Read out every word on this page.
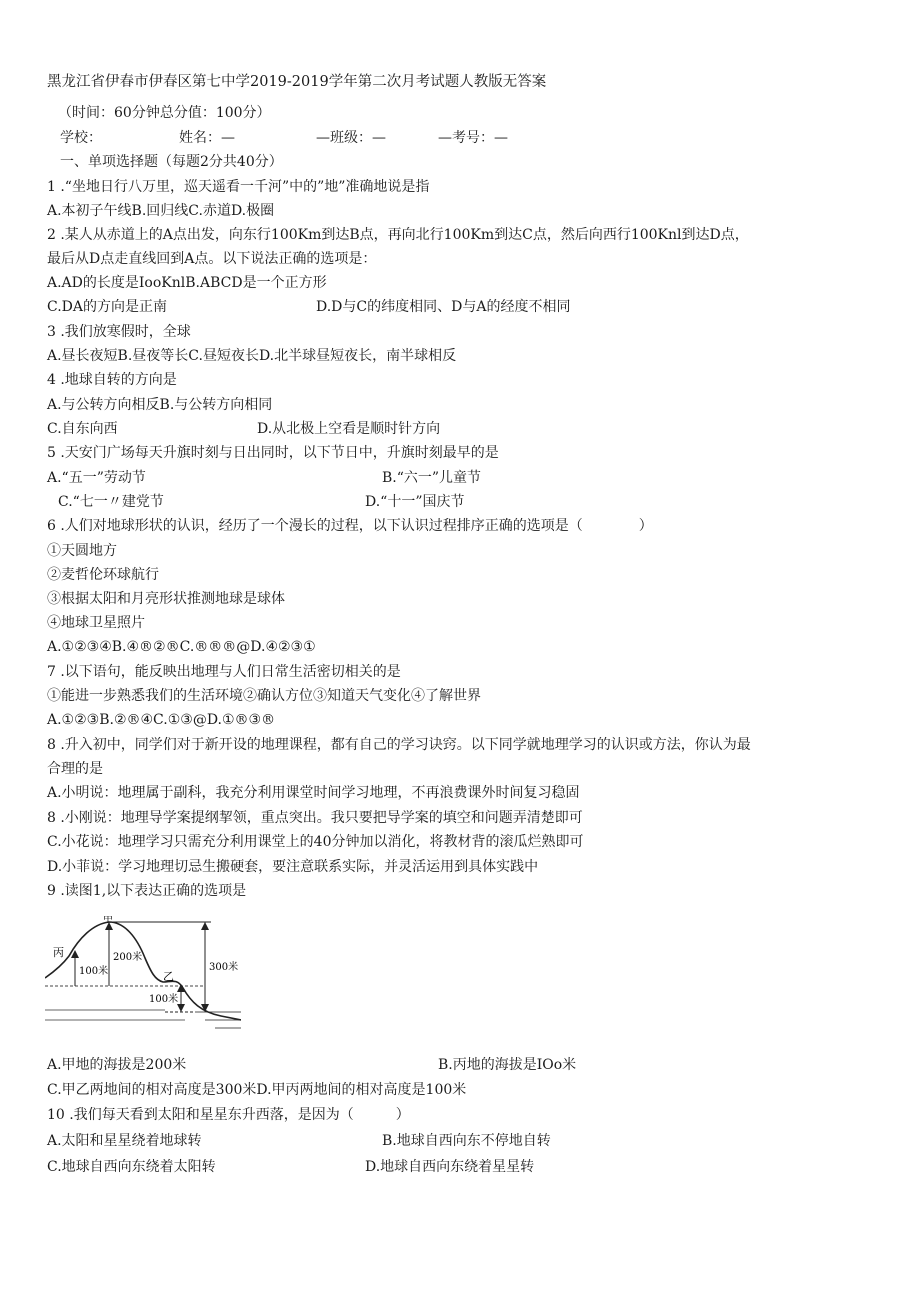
黑龙江省伊春市伊春区第七中学2019-2019学年第二次月考试题人教版无答案
（时间：60分钟总分值：100分）
学校：	姓名：—	—班级：—	—考号：—
一、单项选择题（每题2分共40分）
1 .“坐地日行八万里，巡天遥看一千河”中的”地”准确地说是指
A.本初子午线B.回归线C.赤道D.极圈
2 .某人从赤道上的A点出发，向东行100Km到达B点，再向北行100Km到达C点，然后向西行100Knl到达D点，
最后从D点走直线回到A点。以下说法正确的选项是：
A.AD的长度是IooKnlB.ABCD是一个正方形
C.DA的方向是正南	D.D与C的纬度相同、D与A的经度不相同
3 .我们放寒假时，全球
A.昼长夜短B.昼夜等长C.昼短夜长D.北半球昼短夜长，南半球相反
4 .地球自转的方向是
A.与公转方向相反B.与公转方向相同
C.自东向西	D.从北极上空看是顺时针方向
5 .天安门广场每天升旗时刻与日出同时，以下节日中，升旗时刻最早的是
A.“五一”劳动节	B.“六一”儿童节
C.“七一〃建党节	D.“十一”国庆节
6 .人们对地球形状的认识，经历了一个漫长的过程，以下认识过程排序正确的选项是（　　　　）
①天圆地方
②麦哲伦环球航行
③根据太阳和月亮形状推测地球是球体
④地球卫星照片
A.①②③④B.④®②®C.®®®@D.④②③①
7 .以下语句，能反映出地理与人们日常生活密切相关的是
①能进一步熟悉我们的生活环境②确认方位③知道天气变化④了解世界
A.①②③B.②®④C.①③@D.①®③®
8 .升入初中，同学们对于新开设的地理课程，都有自己的学习诀窍。以下同学就地理学习的认识或方法，你认为最
合理的是
A.小明说：地理属于副科，我充分利用课堂时间学习地理，不再浪费课外时间复习稳固
8 .小刚说：地理导学案提纲挈领，重点突出。我只要把导学案的填空和问题弄清楚即可
C.小花说：地理学习只需充分利用课堂上的40分钟加以消化，将教材背的滚瓜烂熟即可
D.小菲说：学习地理切忌生搬硬套，要注意联系实际，并灵活运用到具体实践中
9 .读图1,以下表达正确的选项是
甲
丙
乙
200米
100米	300米
100米
A.甲地的海拔是200米	B.丙地的海拔是IOo米
C.甲乙两地间的相对高度是300米D.甲丙两地间的相对高度是100米
10 .我们每天看到太阳和星星东升西落，是因为（　　　）
A.太阳和星星绕着地球转	B.地球自西向东不停地自转
C.地球自西向东绕着太阳转	D.地球自西向东绕着星星转
